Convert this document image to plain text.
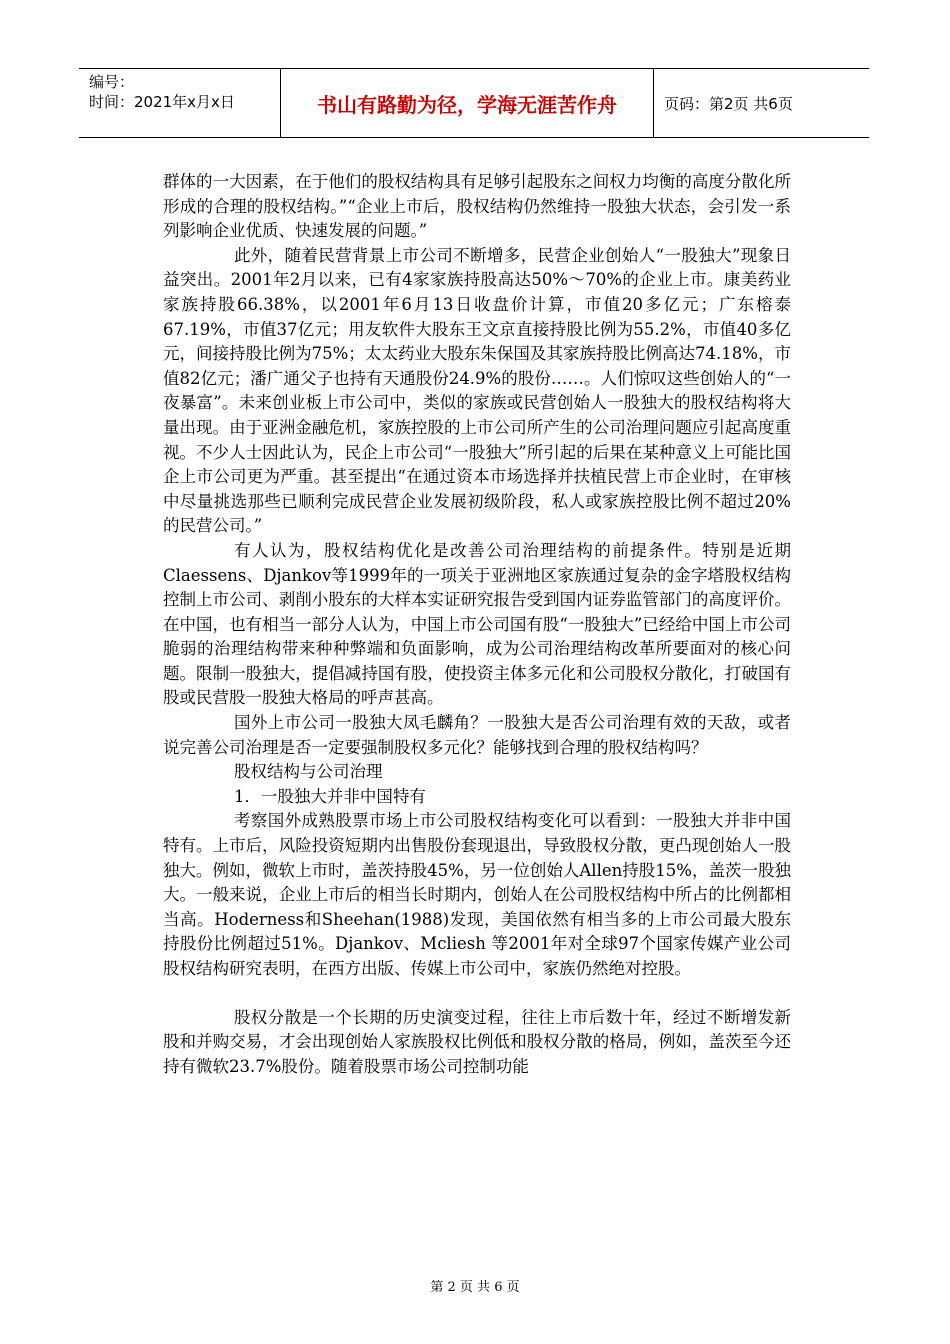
编号：
时间：2021年x月x日	书山有路勤为径，学海无涯苦作舟	页码：第2页 共6页

群体的一大因素，在于他们的股权结构具有足够引起股东之间权力均衡的高度分散化所形成的合理的股权结构。”“企业上市后，股权结构仍然维持一股独大状态，会引发一系列影响企业优质、快速发展的问题。”

此外，随着民营背景上市公司不断增多，民营企业创始人“一股独大”现象日益突出。2001年2月以来，已有4家家族持股高达50%～70%的企业上市。康美药业家族持股66.38%，以2001年6月13日收盘价计算，市值20多亿元；广东榕泰67.19%，市值37亿元；用友软件大股东王文京直接持股比例为55.2%，市值40多亿元，间接持股比例为75%；太太药业大股东朱保国及其家族持股比例高达74.18%，市值82亿元；潘广通父子也持有天通股份24.9%的股份……。人们惊叹这些创始人的“一夜暴富”。未来创业板上市公司中，类似的家族或民营创始人一股独大的股权结构将大量出现。由于亚洲金融危机，家族控股的上市公司所产生的公司治理问题应引起高度重视。不少人士因此认为，民企上市公司“一股独大”所引起的后果在某种意义上可能比国企上市公司更为严重。甚至提出“在通过资本市场选择并扶植民营上市企业时，在审核中尽量挑选那些已顺利完成民营企业发展初级阶段，私人或家族控股比例不超过20%的民营公司。”

有人认为，股权结构优化是改善公司治理结构的前提条件。特别是近期Claessens、Djankov等1999年的一项关于亚洲地区家族通过复杂的金字塔股权结构控制上市公司、剥削小股东的大样本实证研究报告受到国内证券监管部门的高度评价。在中国，也有相当一部分人认为，中国上市公司国有股“一股独大”已经给中国上市公司脆弱的治理结构带来种种弊端和负面影响，成为公司治理结构改革所要面对的核心问题。限制一股独大，提倡减持国有股，使投资主体多元化和公司股权分散化，打破国有股或民营股一股独大格局的呼声甚高。

国外上市公司一股独大凤毛麟角？一股独大是否公司治理有效的天敌，或者说完善公司治理是否一定要强制股权多元化？能够找到合理的股权结构吗？

股权结构与公司治理

1．一股独大并非中国特有

考察国外成熟股票市场上市公司股权结构变化可以看到：一股独大并非中国特有。上市后，风险投资短期内出售股份套现退出，导致股权分散，更凸现创始人一股独大。例如，微软上市时，盖茨持股45%，另一位创始人Allen持股15%，盖茨一股独大。一般来说，企业上市后的相当长时期内，创始人在公司股权结构中所占的比例都相当高。Hoderness和Sheehan(1988)发现，美国依然有相当多的上市公司最大股东持股份比例超过51%。Djankov、Mcliesh 等2001年对全球97个国家传媒产业公司股权结构研究表明，在西方出版、传媒上市公司中，家族仍然绝对控股。

股权分散是一个长期的历史演变过程，往往上市后数十年，经过不断增发新股和并购交易，才会出现创始人家族股权比例低和股权分散的格局，例如，盖茨至今还持有微软23.7%股份。随着股票市场公司控制功能

第 2 页 共 6 页
